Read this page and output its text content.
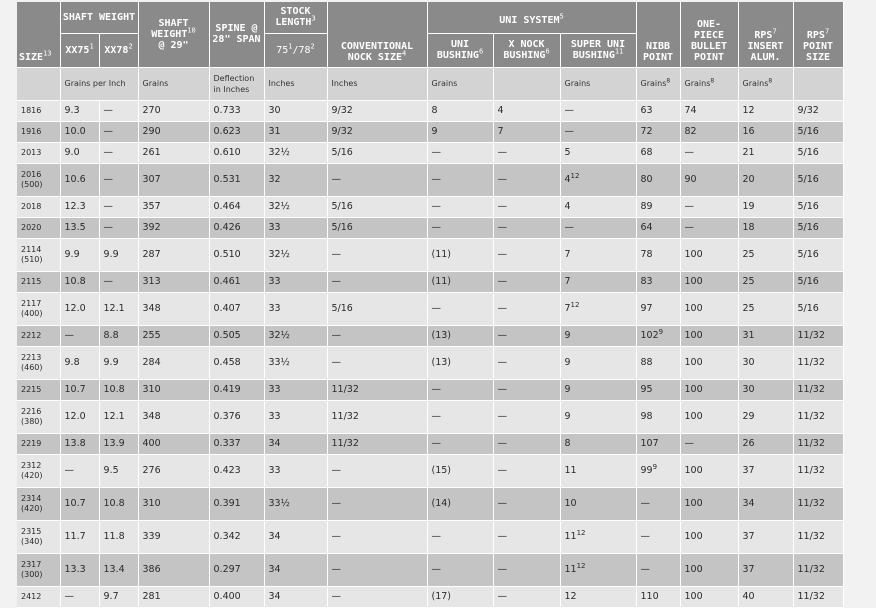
SIZE$^{13}$	SHAFT WEIGHT		SHAFT WEIGHT$^{10}$
@ 29"	SPINE @ 28" SPAN	STOCK LENGTH$^3$	CONVENTIONAL NOCK SIZE$^4$	UNI SYSTEM$^5$			NIBB POINT	ONE-PIECE BULLET POINT	RPS$^7$
INSERT ALUM.	RPS$^7$
POINT SIZE
	$XX75^1$	$XX78^2$			$75^1/78^2$		UNI BUSHING$^6$	X NOCK BUSHING$^6$	SUPER UNI BUSHING$^{11}$
	Grains per Inch		Grains	Deflection in Inches	Inches	Inches	Grains		Grains	Grains$^8$	Grains$^8$	Grains$^8$	
1816	9.3	—	270	0.733	30	9/32	8	4	—	63	74	12	9/32
1916	10.0	—	290	0.623	31	9/32	9	7	—	72	82	16	5/16
2013	9.0	—	261	0.610	32½	5/16	—	—	5	68	—	21	5/16
2016 (500)	10.6	—	307	0.531	32	—	—	—	$4^{12}$	80	90	20	5/16
2018	12.3	—	357	0.464	32½	5/16	—	—	4	89	—	19	5/16
2020	13.5	—	392	0.426	33	5/16	—	—	—	64	—	18	5/16
2114 (510)	9.9	9.9	287	0.510	32½	—	(11)	—	7	78	100	25	5/16
2115	10.8	—	313	0.461	33	—	(11)	—	7	83	100	25	5/16
2117 (400)	12.0	12.1	348	0.407	33	5/16	—	—	$7^{12}$	97	100	25	5/16
2212	—	8.8	255	0.505	32½	—	(13)	—	9	$102^9$	100	31	11/32
2213 (460)	9.8	9.9	284	0.458	33½	—	(13)	—	9	88	100	30	11/32
2215	10.7	10.8	310	0.419	33	11/32	—	—	9	95	100	30	11/32
2216 (380)	12.0	12.1	348	0.376	33	11/32	—	—	9	98	100	29	11/32
2219	13.8	13.9	400	0.337	34	11/32	—	—	8	107	—	26	11/32
2312 (420)	—	9.5	276	0.423	33	—	(15)	—	11	$99^9$	100	37	11/32
2314 (420)	10.7	10.8	310	0.391	33½	—	(14)	—	10	—	100	34	11/32
2315 (340)	11.7	11.8	339	0.342	34	—	—	—	$11^{12}$	—	100	37	11/32
2317 (300)	13.3	13.4	386	0.297	34	—	—	—	$11^{12}$	—	100	37	11/32
2412	—	9.7	281	0.400	34	—	(17)	—	12	110	100	40	11/32
